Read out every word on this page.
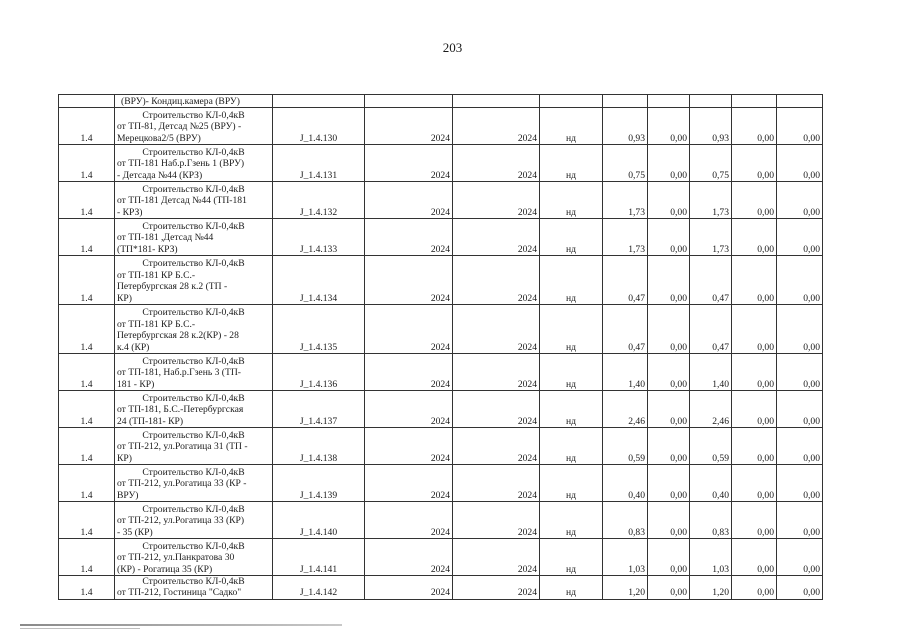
203
	(ВРУ)- Кондиц.камера (ВРУ)									
1.4	Строительство КЛ-0,4кВ
от ТП-81, Детсад №25 (ВРУ) -
Мерецкова2/5 (ВРУ)	J_1.4.130	2024	2024	нд	0,93	0,00	0,93	0,00	0,00
1.4	Строительство КЛ-0,4кВ
от ТП-181 Наб.р.Гзень 1 (ВРУ)
- Детсада №44 (КРЗ)	J_1.4.131	2024	2024	нд	0,75	0,00	0,75	0,00	0,00
1.4	Строительство КЛ-0,4кВ
от ТП-181 Детсад №44 (ТП-181
- КРЗ)	J_1.4.132	2024	2024	нд	1,73	0,00	1,73	0,00	0,00
1.4	Строительство КЛ-0,4кВ
от ТП-181 ,Детсад №44
(ТП*181- КРЗ)	J_1.4.133	2024	2024	нд	1,73	0,00	1,73	0,00	0,00
1.4	Строительство КЛ-0,4кВ
от ТП-181 КР Б.С.-
Петербургская 28 к.2 (ТП -
КР)	J_1.4.134	2024	2024	нд	0,47	0,00	0,47	0,00	0,00
1.4	Строительство КЛ-0,4кВ
от ТП-181 КР Б.С.-
Петербургская 28 к.2(КР) - 28
к.4 (КР)	J_1.4.135	2024	2024	нд	0,47	0,00	0,47	0,00	0,00
1.4	Строительство КЛ-0,4кВ
от ТП-181, Наб.р.Гзень 3 (ТП-
181 - КР)	J_1.4.136	2024	2024	нд	1,40	0,00	1,40	0,00	0,00
1.4	Строительство КЛ-0,4кВ
от ТП-181, Б.С.-Петербургская
24 (ТП-181- КР)	J_1.4.137	2024	2024	нд	2,46	0,00	2,46	0,00	0,00
1.4	Строительство КЛ-0,4кВ
от ТП-212, ул.Рогатица 31 (ТП -
КР)	J_1.4.138	2024	2024	нд	0,59	0,00	0,59	0,00	0,00
1.4	Строительство КЛ-0,4кВ
от ТП-212, ул.Рогатица 33 (КР -
ВРУ)	J_1.4.139	2024	2024	нд	0,40	0,00	0,40	0,00	0,00
1.4	Строительство КЛ-0,4кВ
от ТП-212, ул.Рогатица 33 (КР)
- 35 (КР)	J_1.4.140	2024	2024	нд	0,83	0,00	0,83	0,00	0,00
1.4	Строительство КЛ-0,4кВ
от ТП-212, ул.Панкратова 30
(КР) - Рогатица 35 (КР)	J_1.4.141	2024	2024	нд	1,03	0,00	1,03	0,00	0,00
1.4	Строительство КЛ-0,4кВ
от ТП-212, Гостиница "Садко"	J_1.4.142	2024	2024	нд	1,20	0,00	1,20	0,00	0,00
